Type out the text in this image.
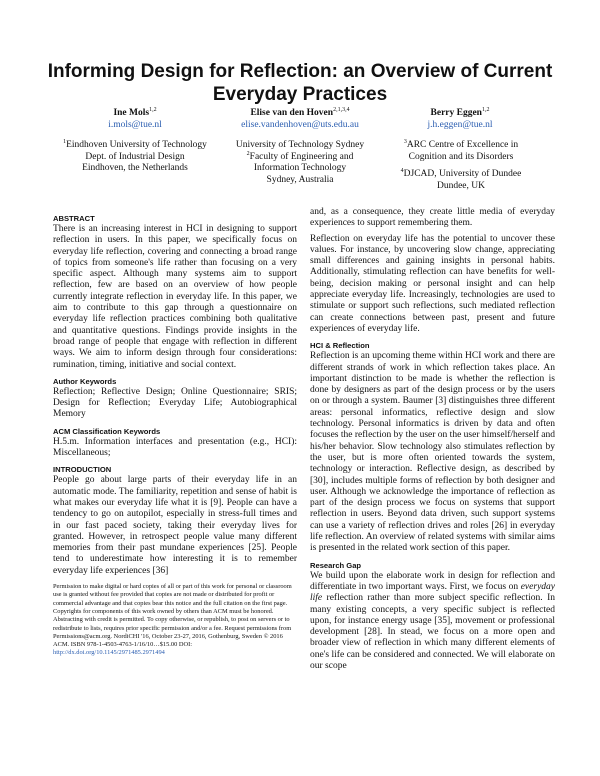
Informing Design for Reflection: an Overview of Current Everyday Practices
Ine Mols$^{1,2}$
i.mols@tue.nl
Elise van den Hoven$^{2,1,3,4}$
elise.vandenhoven@uts.edu.au
Berry Eggen$^{1,2}$
j.h.eggen@tue.nl
$^1$Eindhoven University of Technology
Dept. of Industrial Design
Eindhoven, the Netherlands
University of Technology Sydney
$^2$Faculty of Engineering and
Information Technology
Sydney, Australia
$^3$ARC Centre of Excellence in
Cognition and its Disorders
$^4$DJCAD, University of Dundee
Dundee, UK
ABSTRACT

There is an increasing interest in HCI in designing to support reflection in users. In this paper, we specifically focus on everyday life reflection, covering and connecting a broad range of topics from someone's life rather than focusing on a very specific aspect. Although many systems aim to support reflection, few are based on an overview of how people currently integrate reflection in everyday life. In this paper, we aim to contribute to this gap through a questionnaire on everyday life reflection practices combining both qualitative and quantitative questions. Findings provide insights in the broad range of people that engage with reflection in different ways. We aim to inform design through four considerations: rumination, timing, initiative and social context.

Author Keywords

Reflection; Reflective Design; Online Questionnaire; SRIS; Design for Reflection; Everyday Life; Autobiographical Memory

ACM Classification Keywords

H.5.m. Information interfaces and presentation (e.g., HCI): Miscellaneous;

INTRODUCTION

People go about large parts of their everyday life in an automatic mode. The familiarity, repetition and sense of habit is what makes our everyday life what it is [9]. People can have a tendency to go on autopilot, especially in stress-full times and in our fast paced society, taking their everyday lives for granted. However, in retrospect people value many different memories from their past mundane experiences [25]. People tend to underestimate how interesting it is to remember everyday life experiences [36]

Permission to make digital or hard copies of all or part of this work for personal or classroom use is granted without fee provided that copies are not made or distributed for profit or commercial advantage and that copies bear this notice and the full citation on the first page. Copyrights for components of this work owned by others than ACM must be honored. Abstracting with credit is permitted. To copy otherwise, or republish, to post on servers or to redistribute to lists, requires prior specific permission and/or a fee. Request permissions from Permissions@acm.org. NordiCHI '16, October 23-27, 2016, Gothenburg, Sweden © 2016 ACM. ISBN 978-1-4503-4763-1/16/10…$15.00 DOI: http://dx.doi.org/10.1145/2971485.2971494

and, as a consequence, they create little media of everyday experiences to support remembering them.

Reflection on everyday life has the potential to uncover these values. For instance, by uncovering slow change, appreciating small differences and gaining insights in personal habits. Additionally, stimulating reflection can have benefits for well-being, decision making or personal insight and can help appreciate everyday life. Increasingly, technologies are used to stimulate or support such reflections, such mediated reflection can create connections between past, present and future experiences of everyday life.

HCI & Reflection

Reflection is an upcoming theme within HCI work and there are different strands of work in which reflection takes place. An important distinction to be made is whether the reflection is done by designers as part of the design process or by the users on or through a system. Baumer [3] distinguishes three different areas: personal informatics, reflective design and slow technology. Personal informatics is driven by data and often focuses the reflection by the user on the user himself/herself and his/her behavior. Slow technology also stimulates reflection by the user, but is more often oriented towards the system, technology or interaction. Reflective design, as described by [30], includes multiple forms of reflection by both designer and user. Although we acknowledge the importance of reflection as part of the design process we focus on systems that support reflection in users. Beyond data driven, such support systems can use a variety of reflection drives and roles [26] in everyday life reflection. An overview of related systems with similar aims is presented in the related work section of this paper.

Research Gap

We build upon the elaborate work in design for reflection and differentiate in two important ways. First, we focus on everyday life reflection rather than more subject specific reflection. In many existing concepts, a very specific subject is reflected upon, for instance energy usage [35], movement or professional development [28]. In stead, we focus on a more open and broader view of reflection in which many different elements of one's life can be considered and connected. We will elaborate on our scope
